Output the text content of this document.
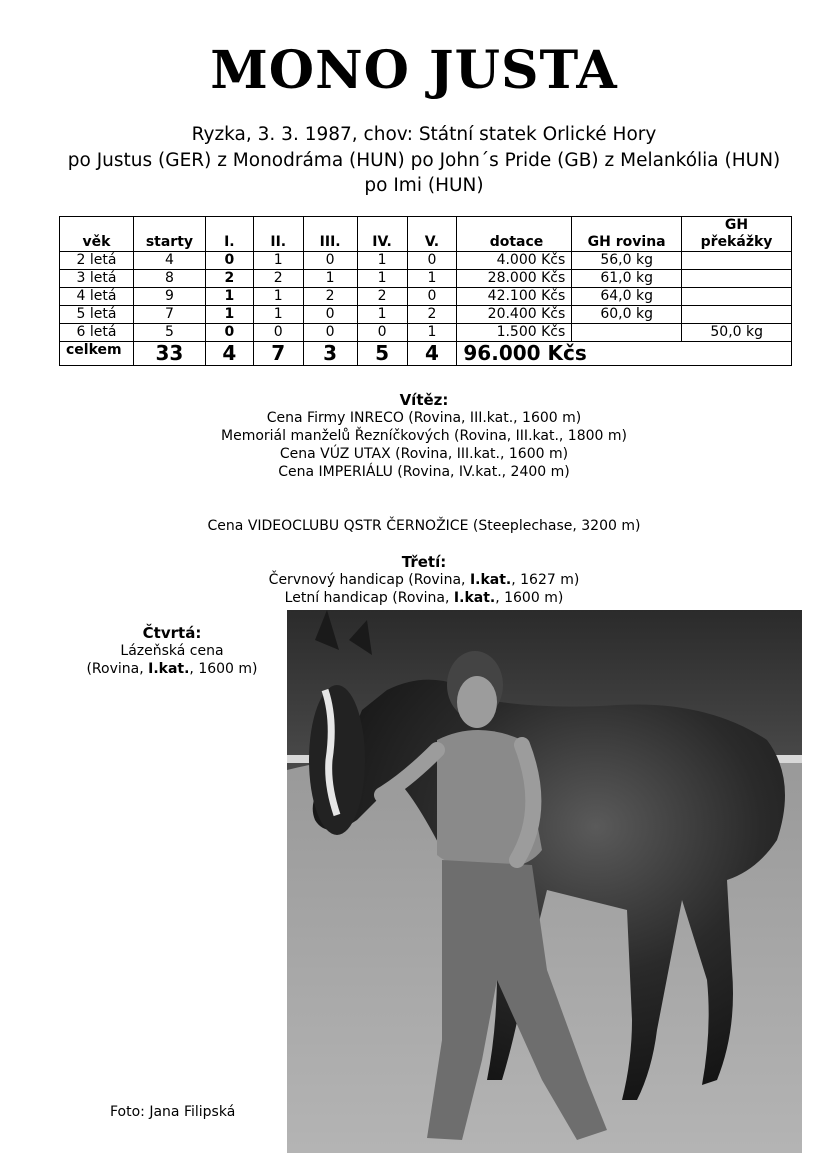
MONO JUSTA
Ryzka, 3. 3. 1987, chov: Státní statek Orlické Hory
po Justus (GER) z Monodráma (HUN) po John´s Pride (GB) z Melankólia (HUN)
po Imi (HUN)
věk	starty	I.	II.	III.	IV.	V.	dotace	GH rovina	GH překážky
2 letá	4	0	1	0	1	0	4.000 Kčs	56,0 kg	
3 letá	8	2	2	1	1	1	28.000 Kčs	61,0 kg	
4 letá	9	1	1	2	2	0	42.100 Kčs	64,0 kg	
5 letá	7	1	1	0	1	2	20.400 Kčs	60,0 kg	
6 letá	5	0	0	0	0	1	1.500 Kčs		50,0 kg
celkem	33	4	7	3	5	4	96.000 Kčs		
Vítěz:
Cena Firmy INRECO (Rovina, III.kat., 1600 m)
Memoriál manželů Řezníčkových (Rovina, III.kat., 1800 m)
Cena VÚZ UTAX (Rovina, III.kat., 1600 m)
Cena IMPERIÁLU (Rovina, IV.kat., 2400 m)
Cena VIDEOCLUBU QSTR ČERNOŽICE (Steeplechase, 3200 m)
Třetí:
Červnový handicap (Rovina, I.kat., 1627 m)
Letní handicap (Rovina, I.kat., 1600 m)
Čtvrtá:
Lázeňská cena
(Rovina, I.kat., 1600 m)
Foto: Jana Filipská
